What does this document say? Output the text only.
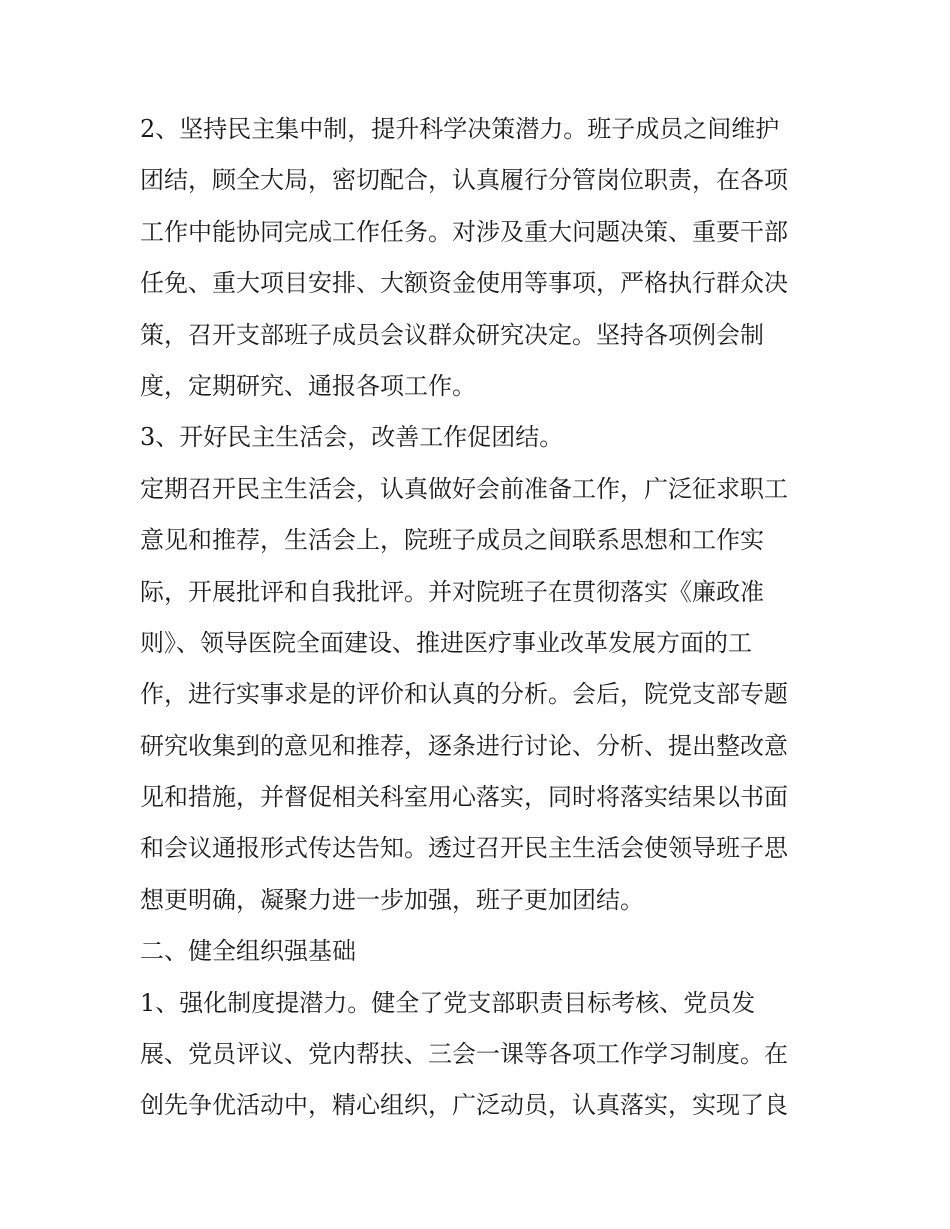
2、坚持民主集中制，提升科学决策潜力。班子成员之间维护
团结，顾全大局，密切配合，认真履行分管岗位职责，在各项
工作中能协同完成工作任务。对涉及重大问题决策、重要干部
任免、重大项目安排、大额资金使用等事项，严格执行群众决
策，召开支部班子成员会议群众研究决定。坚持各项例会制
度，定期研究、通报各项工作。
3、开好民主生活会，改善工作促团结。
定期召开民主生活会，认真做好会前准备工作，广泛征求职工
意见和推荐，生活会上，院班子成员之间联系思想和工作实
际，开展批评和自我批评。并对院班子在贯彻落实《廉政准
则》、领导医院全面建设、推进医疗事业改革发展方面的工
作，进行实事求是的评价和认真的分析。会后，院党支部专题
研究收集到的意见和推荐，逐条进行讨论、分析、提出整改意
见和措施，并督促相关科室用心落实，同时将落实结果以书面
和会议通报形式传达告知。透过召开民主生活会使领导班子思
想更明确，凝聚力进一步加强，班子更加团结。
二、健全组织强基础
1、强化制度提潜力。健全了党支部职责目标考核、党员发
展、党员评议、党内帮扶、三会一课等各项工作学习制度。在
创先争优活动中，精心组织，广泛动员，认真落实，实现了良
